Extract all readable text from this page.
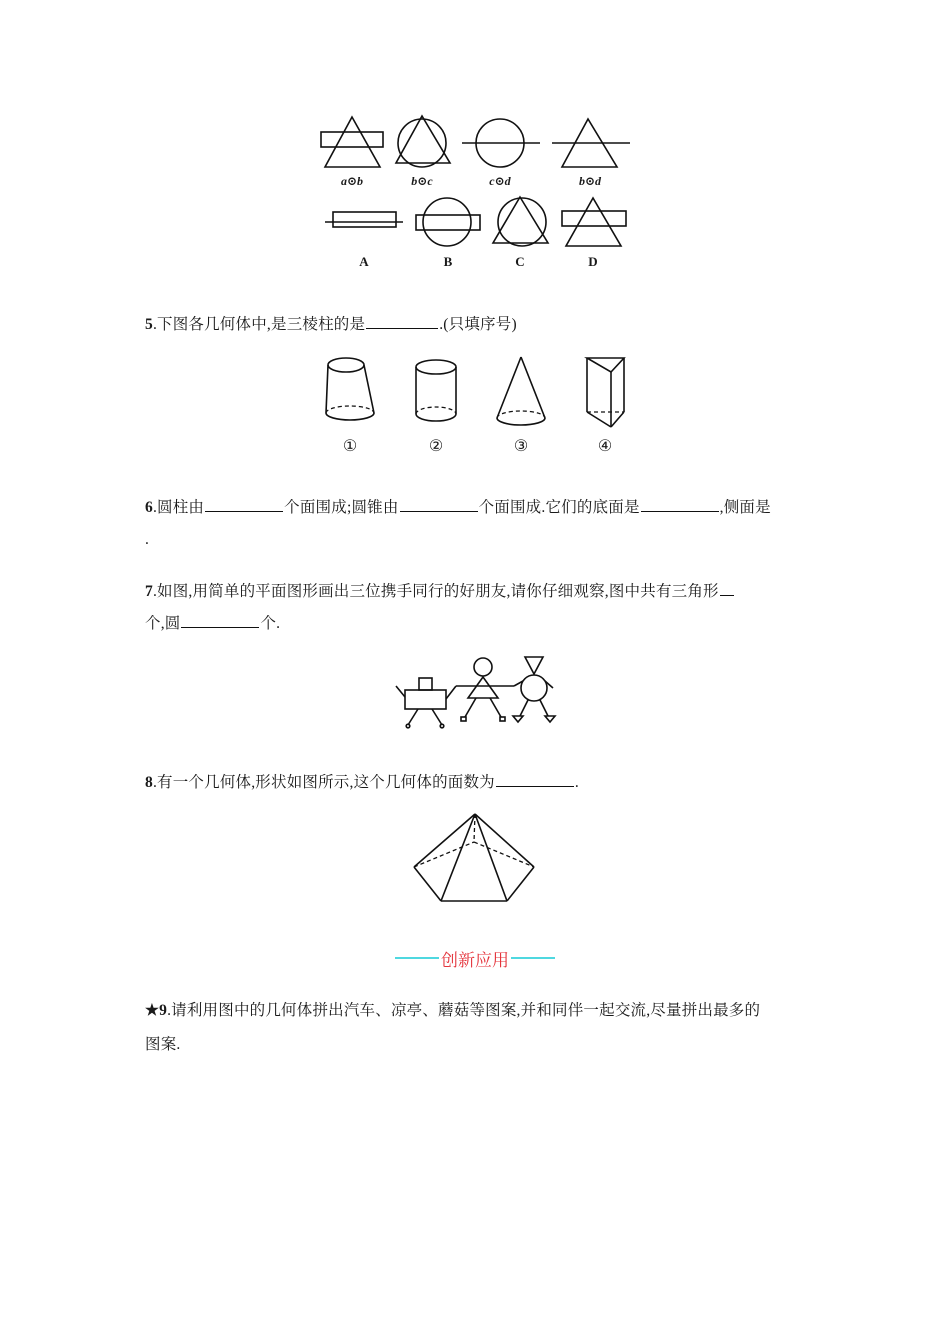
a⊙b	b⊙c	c⊙d	b⊙d
A	B	C	D
5.下图各几何体中,是三棱柱的是	.(只填序号)
①	②	③	④
6.圆柱由	个面围成;圆锥由	个面围成.它们的底面是	,侧面是
.
7.如图,用简单的平面图形画出三位携手同行的好朋友,请你仔细观察,图中共有三角形
个,圆	个.
8.有一个几何体,形状如图所示,这个几何体的面数为	.
创新应用
★9.请利用图中的几何体拼出汽车、凉亭、蘑菇等图案,并和同伴一起交流,尽量拼出最多的
图案.
